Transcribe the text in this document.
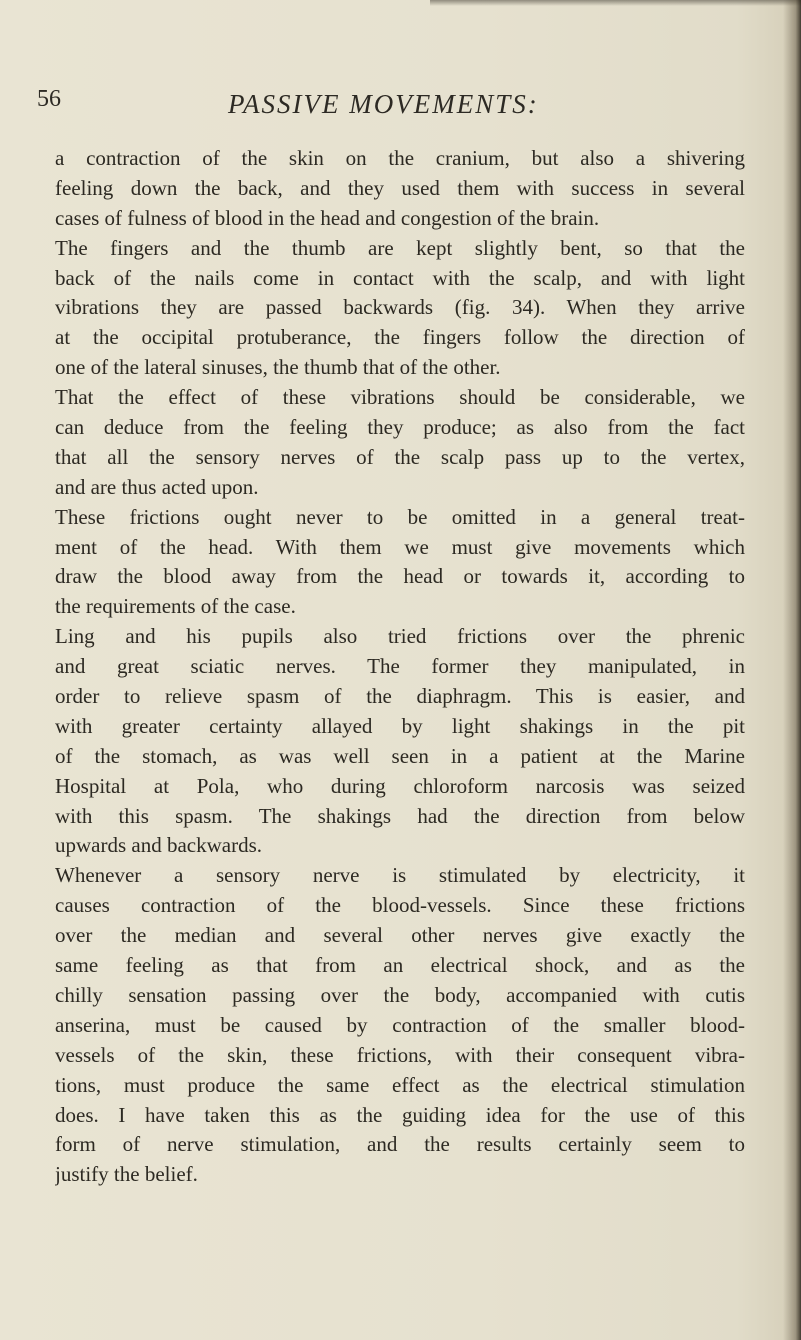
56	PASSIVE MOVEMENTS:
a contraction of the skin on the cranium, but also a shivering
feeling down the back, and they used them with success in several
cases of fulness of blood in the head and congestion of the brain.
The fingers and the thumb are kept slightly bent, so that the
back of the nails come in contact with the scalp, and with light
vibrations they are passed backwards (fig. 34). When they arrive
at the occipital protuberance, the fingers follow the direction of
one of the lateral sinuses, the thumb that of the other.
That the effect of these vibrations should be considerable, we
can deduce from the feeling they produce; as also from the fact
that all the sensory nerves of the scalp pass up to the vertex,
and are thus acted upon.
These frictions ought never to be omitted in a general treat-
ment of the head. With them we must give movements which
draw the blood away from the head or towards it, according to
the requirements of the case.
Ling and his pupils also tried frictions over the phrenic
and great sciatic nerves. The former they manipulated, in
order to relieve spasm of the diaphragm. This is easier, and
with greater certainty allayed by light shakings in the pit
of the stomach, as was well seen in a patient at the Marine
Hospital at Pola, who during chloroform narcosis was seized
with this spasm. The shakings had the direction from below
upwards and backwards.
Whenever a sensory nerve is stimulated by electricity, it
causes contraction of the blood-vessels. Since these frictions
over the median and several other nerves give exactly the
same feeling as that from an electrical shock, and as the
chilly sensation passing over the body, accompanied with cutis
anserina, must be caused by contraction of the smaller blood-
vessels of the skin, these frictions, with their consequent vibra-
tions, must produce the same effect as the electrical stimulation
does. I have taken this as the guiding idea for the use of this
form of nerve stimulation, and the results certainly seem to
justify the belief.
